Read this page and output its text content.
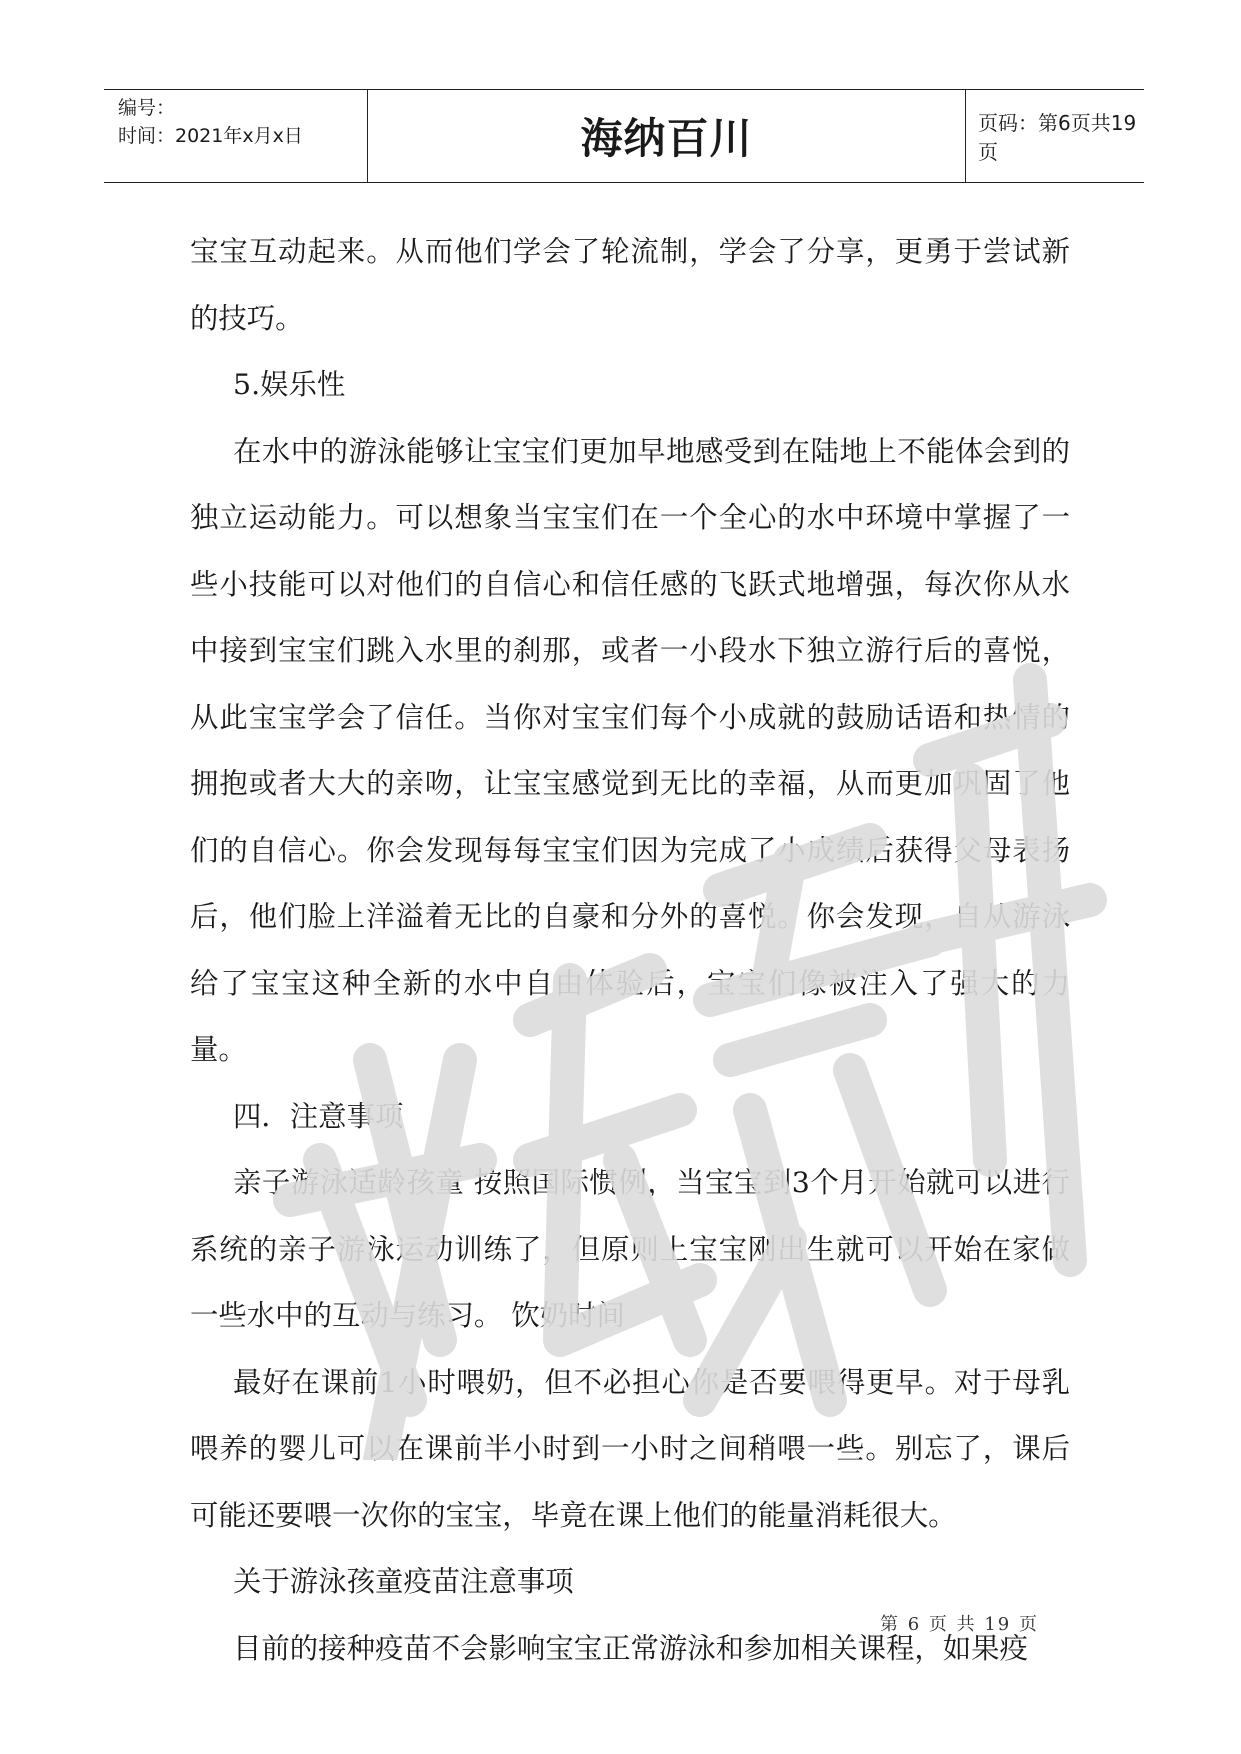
编号：
时间：2021年x月x日	海纳百川	页码：第6页共19页

宝宝互动起来。从而他们学会了轮流制，学会了分享，更勇于尝试新的技巧。

5.娱乐性

在水中的游泳能够让宝宝们更加早地感受到在陆地上不能体会到的独立运动能力。可以想象当宝宝们在一个全心的水中环境中掌握了一些小技能可以对他们的自信心和信任感的飞跃式地增强，每次你从水中接到宝宝们跳入水里的刹那，或者一小段水下独立游行后的喜悦，从此宝宝学会了信任。当你对宝宝们每个小成就的鼓励话语和热情的拥抱或者大大的亲吻，让宝宝感觉到无比的幸福，从而更加巩固了他们的自信心。你会发现每每宝宝们因为完成了小成绩后获得父母表扬后，他们脸上洋溢着无比的自豪和分外的喜悦。你会发现，自从游泳给了宝宝这种全新的水中自由体验后，宝宝们像被注入了强大的力量。

四．注意事项

亲子游泳适龄孩童 按照国际惯例，当宝宝到3个月开始就可以进行系统的亲子游泳运动训练了，但原则上宝宝刚出生就可以开始在家做一些水中的互动与练习。 饮奶时间

最好在课前1小时喂奶，但不必担心你是否要喂得更早。对于母乳喂养的婴儿可以在课前半小时到一小时之间稍喂一些。别忘了，课后可能还要喂一次你的宝宝，毕竟在课上他们的能量消耗很大。

关于游泳孩童疫苗注意事项

目前的接种疫苗不会影响宝宝正常游泳和参加相关课程，如果疫

第 6 页 共 19 页
